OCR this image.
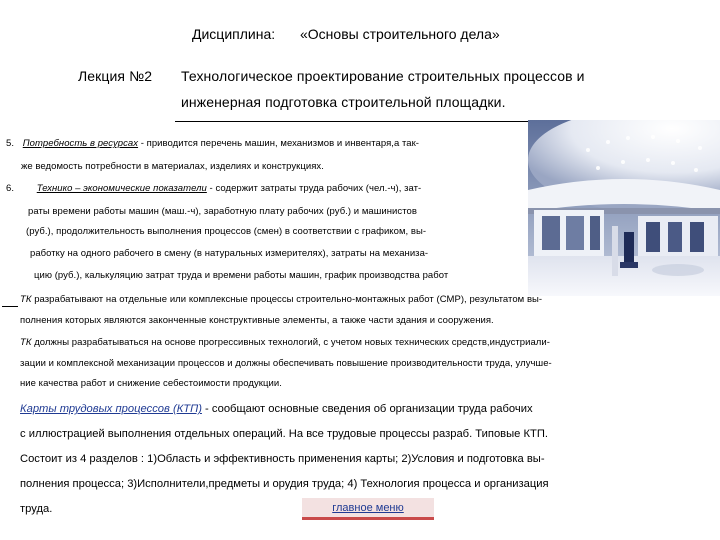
Дисциплина: «Основы строительного дела»
Лекция №2 Технологическое проектирование строительных процессов и
инженерная подготовка строительной площадки.
5. Потребность в ресурсах - приводится перечень машин, механизмов и инвентаря,а так-
же ведомость потребности в материалах, изделиях и конструкциях.
6. Технико – экономические показатели - содержит затраты труда рабочих (чел.-ч), зат-
раты времени работы машин (маш.-ч), заработную плату рабочих (руб.) и машинистов
(руб.), продолжительность выполнения процессов (смен) в соответствии с графиком, вы-
работку на одного рабочего в смену (в натуральных измерителях), затраты на механиза-
цию (руб.), калькуляцию затрат труда и времени работы машин, график производства работ
ТК разрабатывают на отдельные или комплексные процессы строительно-монтажных работ (СМР), результатом вы-
полнения которых являются законченные конструктивные элементы, а также части здания и сооружения.
ТК должны разрабатываться на основе прогрессивных технологий, с учетом новых технических средств,индустриали-
зации и комплексной механизации процессов и должны обеспечивать повышение производительности труда, улучше-
ние качества работ и снижение себестоимости продукции.
Карты трудовых процессов (КТП) - сообщают основные сведения об организации труда рабочих
с иллюстрацией выполнения отдельных операций. На все трудовые процессы разраб. Типовые КТП.
Состоит из 4 разделов : 1)Область и эффективность применения карты; 2)Условия и подготовка вы-
полнения процесса; 3)Исполнители,предметы и орудия труда; 4) Технология процесса и организация
труда.	главное меню
